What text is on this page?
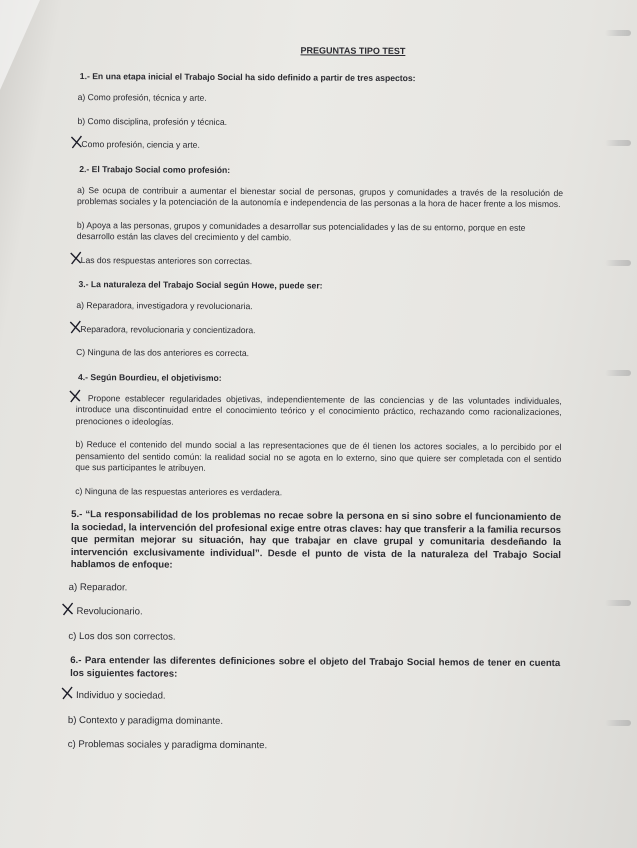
PREGUNTAS TIPO TEST
1.- En una etapa inicial el Trabajo Social ha sido definido a partir de tres aspectos:
a) Como profesión, técnica y arte.
b) Como disciplina, profesión y técnica.
Como profesión, ciencia y arte.
2.- El Trabajo Social como profesión:
a) Se ocupa de contribuir a aumentar el bienestar social de personas, grupos y comunidades a través de la resolución de problemas sociales y la potenciación de la autonomía e independencia de las personas a la hora de hacer frente a los mismos.
b) Apoya a las personas, grupos y comunidades a desarrollar sus potencialidades y las de su entorno, porque en este desarrollo están las claves del crecimiento y del cambio.
Las dos respuestas anteriores son correctas.
3.- La naturaleza del Trabajo Social según Howe, puede ser:
a) Reparadora, investigadora y revolucionaria.
Reparadora, revolucionaria y concientizadora.
C) Ninguna de las dos anteriores es correcta.
4.- Según Bourdieu, el objetivismo:
Propone establecer regularidades objetivas, independientemente de las conciencias y de las voluntades individuales, introduce una discontinuidad entre el conocimiento teórico y el conocimiento práctico, rechazando como racionalizaciones, prenociones o ideologías.
b) Reduce el contenido del mundo social a las representaciones que de él tienen los actores sociales, a lo percibido por el pensamiento del sentido común: la realidad social no se agota en lo externo, sino que quiere ser completada con el sentido que sus participantes le atribuyen.
c) Ninguna de las respuestas anteriores es verdadera.
5.- “La responsabilidad de los problemas no recae sobre la persona en si sino sobre el funcionamiento de la sociedad, la intervención del profesional exige entre otras claves: hay que transferir a la familia recursos que permitan mejorar su situación, hay que trabajar en clave grupal y comunitaria desdeñando la intervención exclusivamente individual”. Desde el punto de vista de la naturaleza del Trabajo Social hablamos de enfoque:
a) Reparador.
Revolucionario.
c) Los dos son correctos.
6.- Para entender las diferentes definiciones sobre el objeto del Trabajo Social hemos de tener en cuenta los siguientes factores:
Individuo y sociedad.
b) Contexto y paradigma dominante.
c) Problemas sociales y paradigma dominante.
